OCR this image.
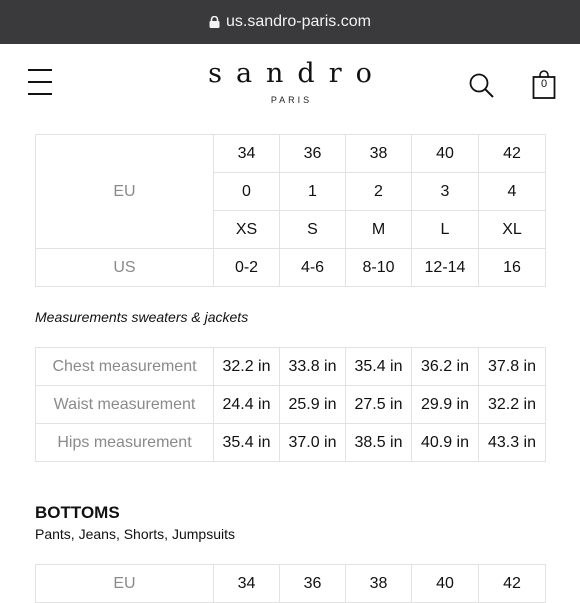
us.sandro-paris.com
sandro
PARIS
0
EU	34	36	38	40	42
	0	1	2	3	4
	XS	S	M	L	XL
US	0-2	4-6	8-10	12-14	16
Measurements sweaters & jackets
Chest measurement	32.2 in	33.8 in	35.4 in	36.2 in	37.8 in
Waist measurement	24.4 in	25.9 in	27.5 in	29.9 in	32.2 in
Hips measurement	35.4 in	37.0 in	38.5 in	40.9 in	43.3 in
BOTTOMS
Pants, Jeans, Shorts, Jumpsuits
EU	34	36	38	40	42
